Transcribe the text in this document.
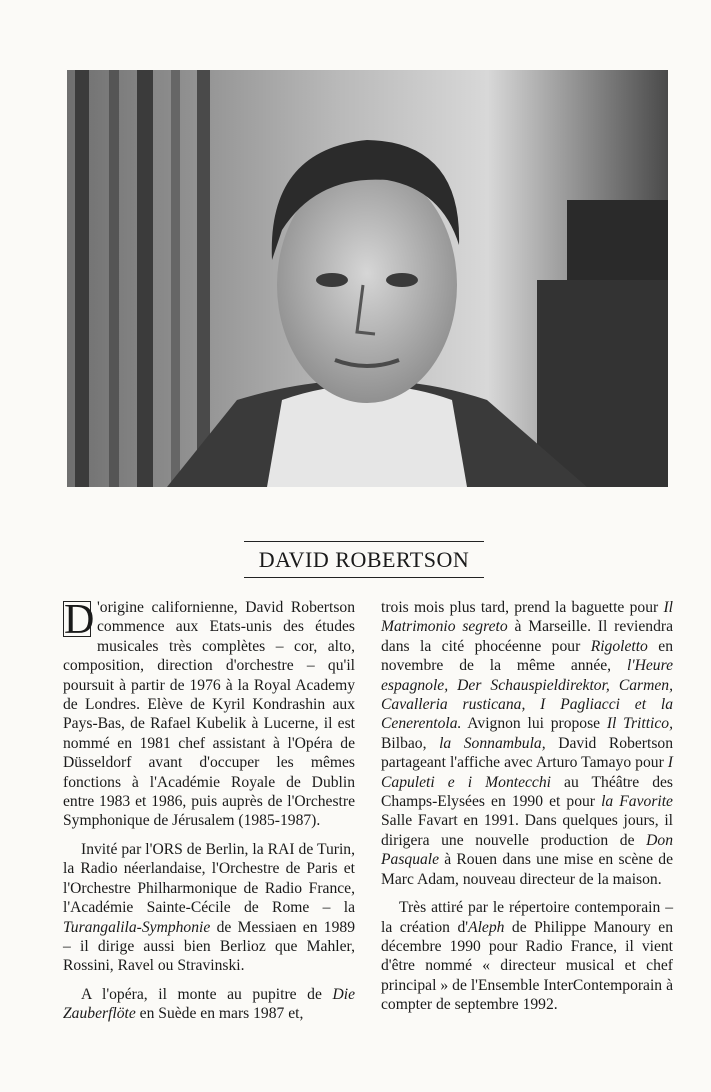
DAVID ROBERTSON

D 'origine californienne, David Robertson commence aux Etats-unis des études musicales très complètes – cor, alto, composition, direction d'orchestre – qu'il poursuit à partir de 1976 à la Royal Academy de Londres. Elève de Kyril Kondrashin aux Pays-Bas, de Rafael Kubelik à Lucerne, il est nommé en 1981 chef assistant à l'Opéra de Düsseldorf avant d'occuper les mêmes fonctions à l'Académie Royale de Dublin entre 1983 et 1986, puis auprès de l'Orchestre Symphonique de Jérusalem (1985-1987).

Invité par l'ORS de Berlin, la RAI de Turin, la Radio néerlandaise, l'Orchestre de Paris et l'Orchestre Philharmonique de Radio France, l'Académie Sainte-Cécile de Rome – la Turangalila-Symphonie de Messiaen en 1989 – il dirige aussi bien Berlioz que Mahler, Rossini, Ravel ou Stravinski.

A l'opéra, il monte au pupitre de Die Zauberflöte en Suède en mars 1987 et,

trois mois plus tard, prend la baguette pour Il Matrimonio segreto à Marseille. Il reviendra dans la cité phocéenne pour Rigoletto en novembre de la même année, l'Heure espagnole, Der Schauspieldirektor, Carmen, Cavalleria rusticana, I Pagliacci et la Cenerentola. Avignon lui propose Il Trittico, Bilbao, la Sonnambula, David Robertson partageant l'affiche avec Arturo Tamayo pour I Capuleti e i Montecchi au Théâtre des Champs-Elysées en 1990 et pour la Favorite Salle Favart en 1991. Dans quelques jours, il dirigera une nouvelle production de Don Pasquale à Rouen dans une mise en scène de Marc Adam, nouveau directeur de la maison.

Très attiré par le répertoire contemporain – la création d'Aleph de Philippe Manoury en décembre 1990 pour Radio France, il vient d'être nommé « directeur musical et chef principal » de l'Ensemble InterContemporain à compter de septembre 1992.
